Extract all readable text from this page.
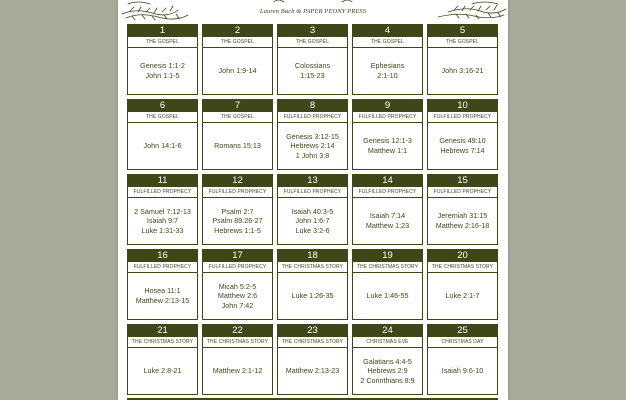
Lauren Bach & PAPER PEONY PRESS
1
THE GOSPEL
Genesis 1:1-2
John 1:1-5
2
THE GOSPEL
John 1:9-14
3
THE GOSPEL
Colossians
1:15-23
4
THE GOSPEL
Ephesians
2:1-10
5
THE GOSPEL
John 3:16-21
6
THE GOSPEL
John 14:1-6
7
THE GOSPEL
Romans 15:13
8
FULFILLED PROPHECY
Genesis 3:12-15
Hebrews 2:14
1 John 3:8
9
FULFILLED PROPHECY
Genesis 12:1-3
Matthew 1:1
10
FULFILLED PROPHECY
Genesis 49:10
Hebrews 7:14
11
FULFILLED PROPHECY
2 Samuel 7:12-13
Isaiah 9:7
Luke 1:31-33
12
FULFILLED PROPHECY
Psalm 2:7
Psalm 89:26-27
Hebrews 1:1-5
13
FULFILLED PROPHECY
Isaiah 40:3-5
John 1:6-7
Luke 3:2-6
14
FULFILLED PROPHECY
Isaiah 7:14
Matthew 1:23
15
FULFILLED PROPHECY
Jeremiah 31:15
Matthew 2:16-18
16
FULFILLED PROPHECY
Hosea 11:1
Matthew 2:13-15
17
FULFILLED PROPHECY
Micah 5:2-5
Matthew 2:6
John 7:42
18
THE CHRISTMAS STORY
Luke 1:26-35
19
THE CHRISTMAS STORY
Luke 1:46-55
20
THE CHRISTMAS STORY
Luke 2:1-7
21
THE CHRISTMAS STORY
Luke 2:8-21
22
THE CHRISTMAS STORY
Matthew 2:1-12
23
THE CHRISTMAS STORY
Matthew 2:13-23
24
CHRISTMAS EVE
Galatians 4:4-5
Hebrews 2:9
2 Corinthians 8:9
25
CHRISTMAS DAY
Isaiah 9:6-10
